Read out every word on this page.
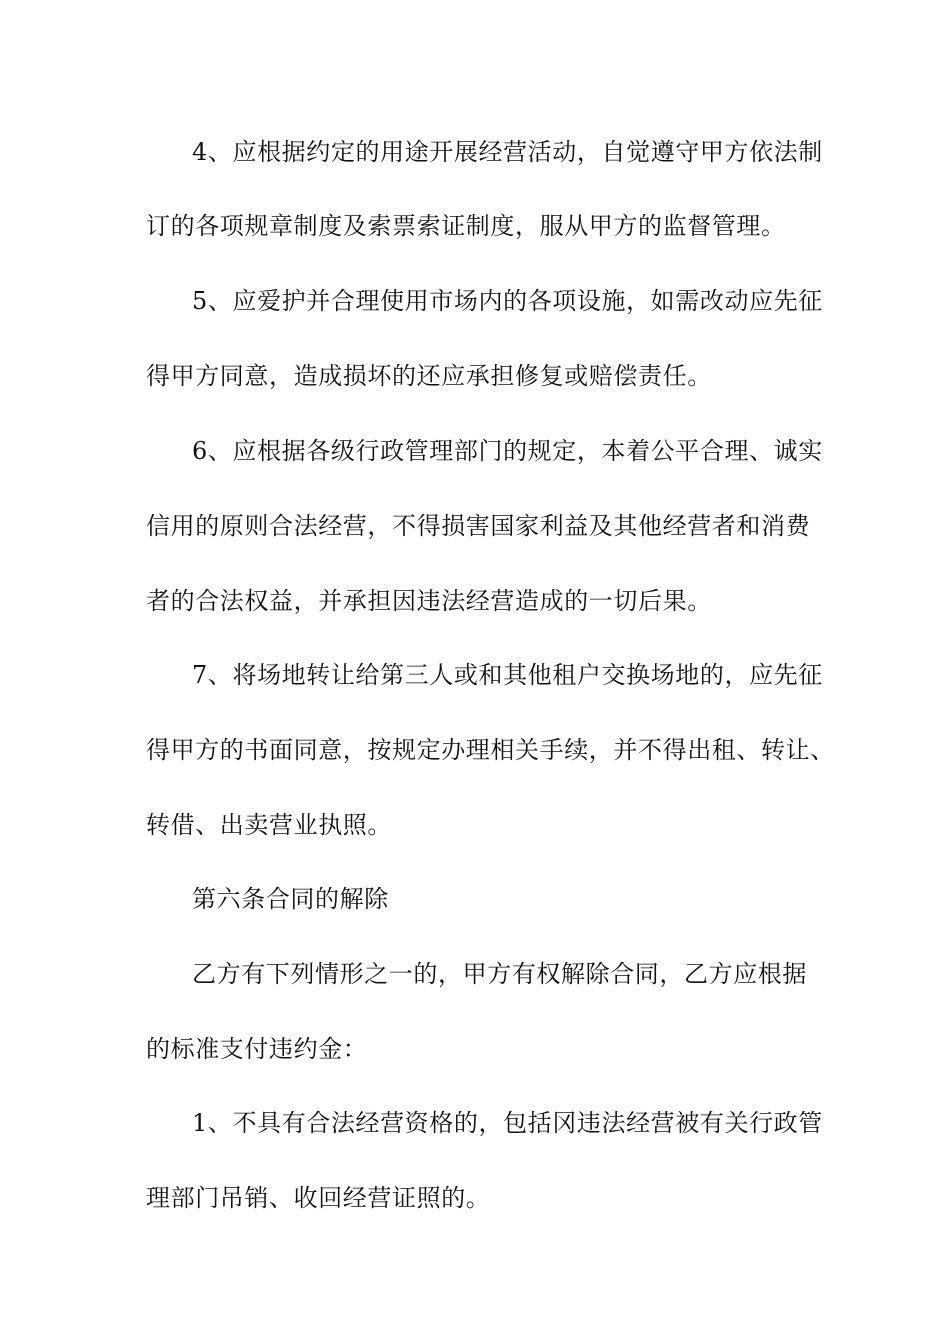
4、应根据约定的用途开展经营活动，自觉遵守甲方依法制
订的各项规章制度及索票索证制度，服从甲方的监督管理。
5、应爱护并合理使用市场内的各项设施，如需改动应先征
得甲方同意，造成损坏的还应承担修复或赔偿责任。
6、应根据各级行政管理部门的规定，本着公平合理、诚实
信用的原则合法经营，不得损害国家利益及其他经营者和消费
者的合法权益，并承担因违法经营造成的一切后果。
7、将场地转让给第三人或和其他租户交换场地的，应先征
得甲方的书面同意，按规定办理相关手续，并不得出租、转让、
转借、出卖营业执照。
第六条合同的解除
乙方有下列情形之一的，甲方有权解除合同，乙方应根据
的标准支付违约金：
1、不具有合法经营资格的，包括冈违法经营被有关行政管
理部门吊销、收回经营证照的。
